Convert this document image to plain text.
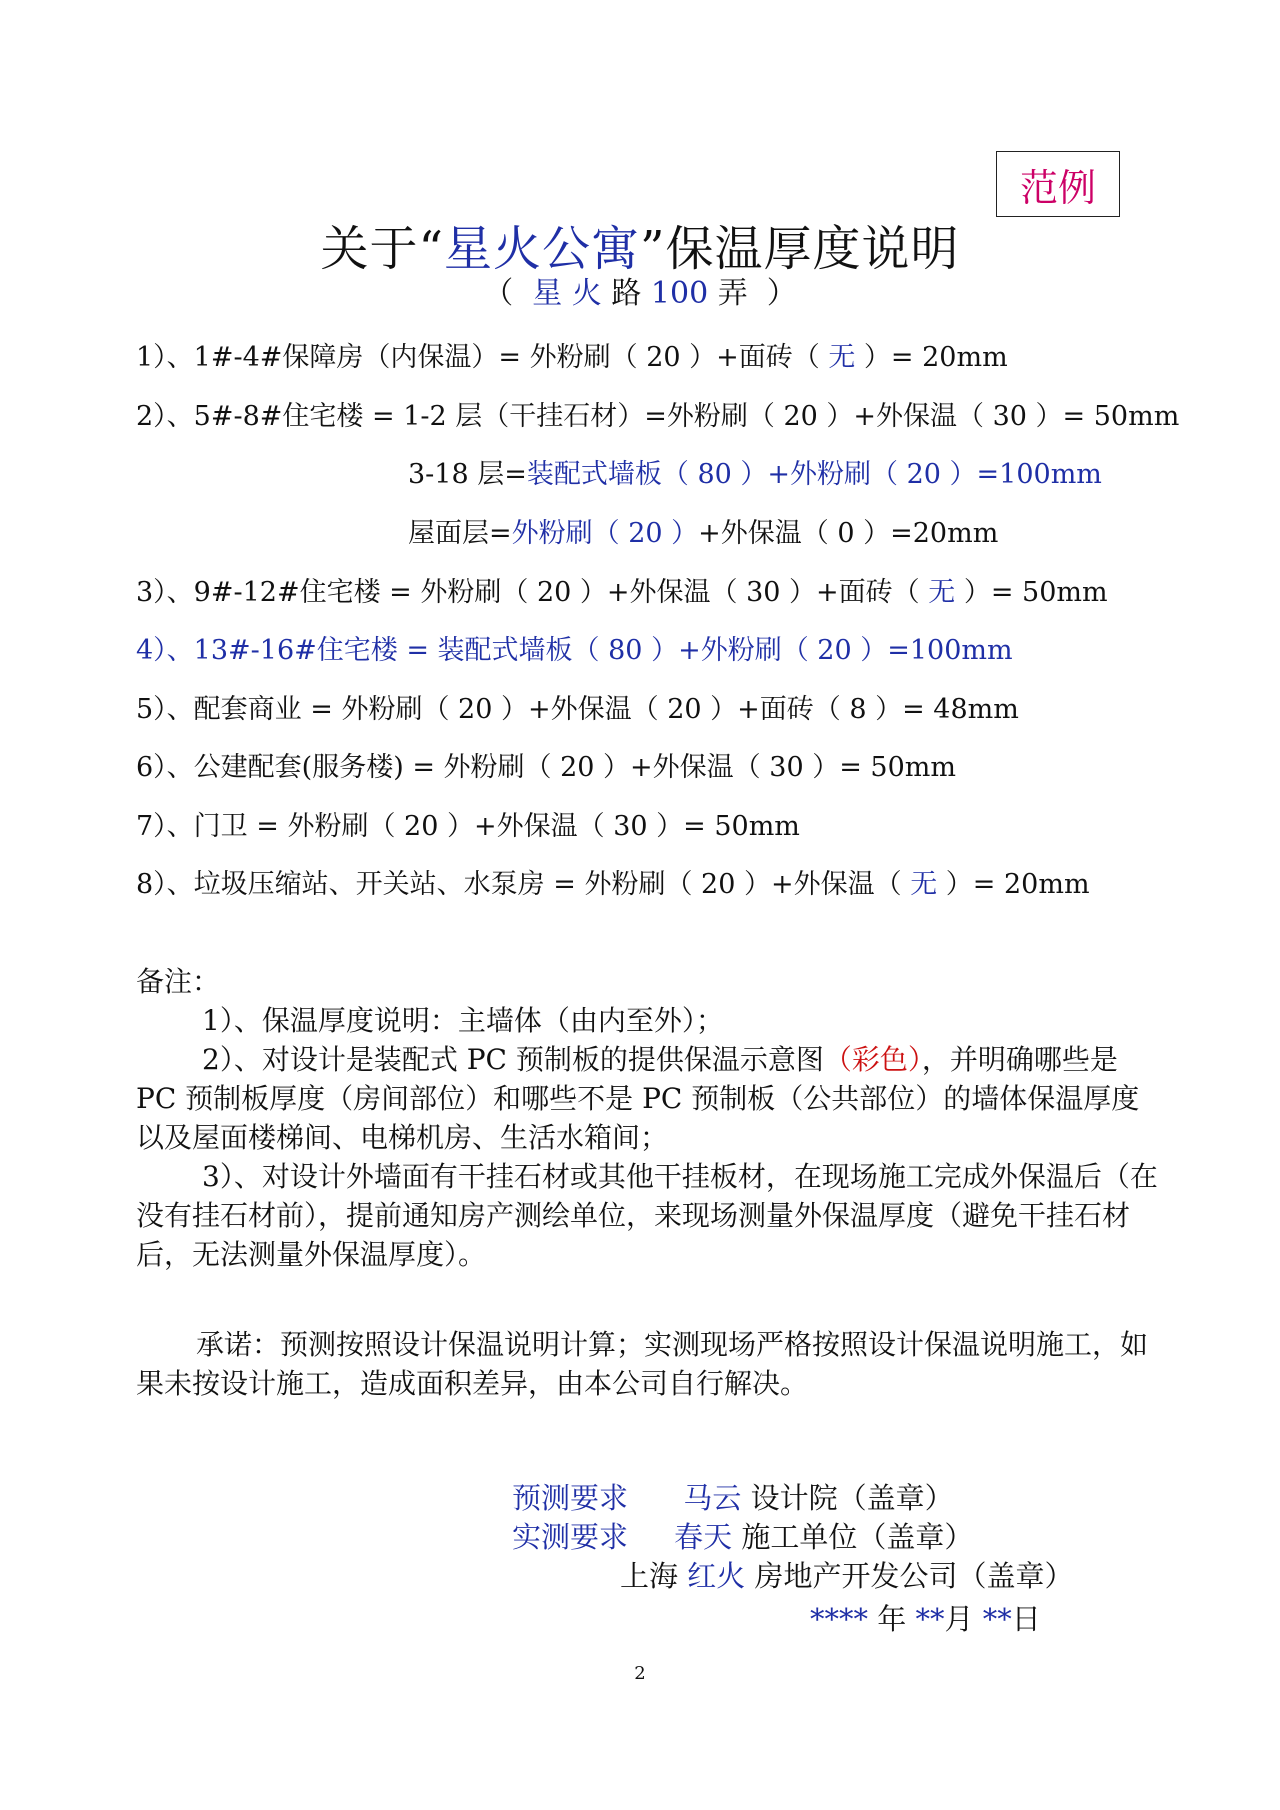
范例
关于“星火公寓”保温厚度说明
（ 星 火 路 100 弄 ）
1）、1#-4#保障房（内保温）= 外粉刷（ 20 ）+面砖（ 无 ）= 20mm
2）、5#-8#住宅楼 = 1-2 层（干挂石材）=外粉刷（ 20 ）+外保温（ 30 ）= 50mm
3-18 层=装配式墙板（ 80 ）+外粉刷（ 20 ）=100mm
屋面层=外粉刷（ 20 ）+外保温（ 0 ）=20mm
3）、9#-12#住宅楼 = 外粉刷（ 20 ）+外保温（ 30 ）+面砖（ 无 ）= 50mm
4）、13#-16#住宅楼 = 装配式墙板（ 80 ）+外粉刷（ 20 ）=100mm
5）、配套商业 = 外粉刷（ 20 ）+外保温（ 20 ）+面砖（ 8 ）= 48mm
6）、公建配套(服务楼) = 外粉刷（ 20 ）+外保温（ 30 ）= 50mm
7）、门卫 = 外粉刷（ 20 ）+外保温（ 30 ）= 50mm
8）、垃圾压缩站、开关站、水泵房 = 外粉刷（ 20 ）+外保温（ 无 ）= 20mm

备注：

1）、保温厚度说明：主墙体（由内至外）；

2）、对设计是装配式 PC 预制板的提供保温示意图（彩色），并明确哪些是 PC 预制板厚度（房间部位）和哪些不是 PC 预制板（公共部位）的墙体保温厚度以及屋面楼梯间、电梯机房、生活水箱间；

3）、对设计外墙面有干挂石材或其他干挂板材，在现场施工完成外保温后（在没有挂石材前），提前通知房产测绘单位，来现场测量外保温厚度（避免干挂石材后，无法测量外保温厚度）。

承诺：预测按照设计保温说明计算；实测现场严格按照设计保温说明施工，如果未按设计施工，造成面积差异，由本公司自行解决。
预测要求 马云 设计院（盖章）
实测要求 春天 施工单位（盖章）
上海 红火 房地产开发公司（盖章）
**** 年 **月 **日
2
